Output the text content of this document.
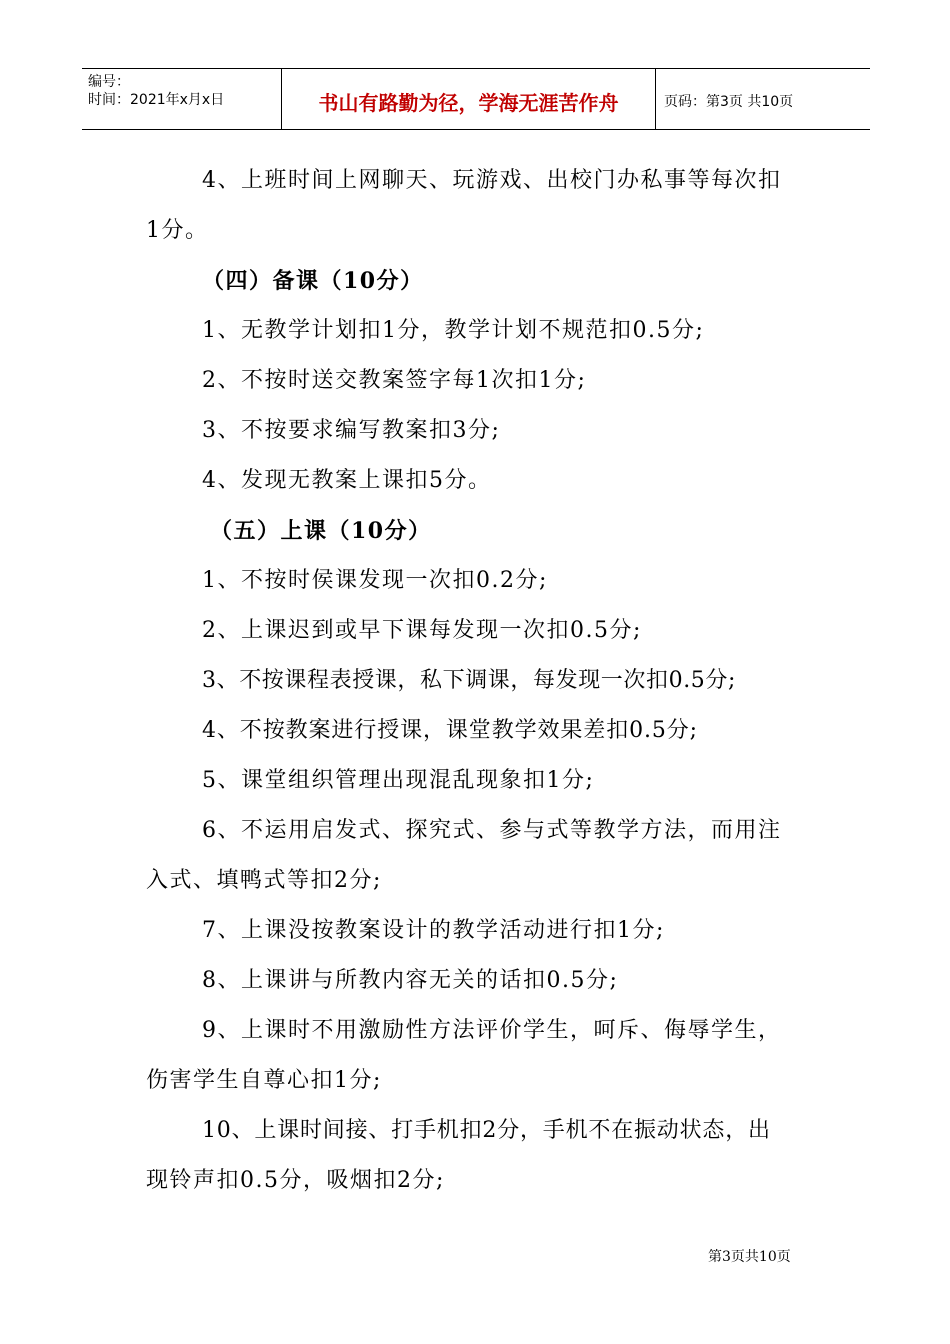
编号：
时间：2021年x月x日	书山有路勤为径，学海无涯苦作舟	页码：第3页 共10页
4、上班时间上网聊天、玩游戏、出校门办私事等每次扣
1分。
（四）备课（10分）
1、无教学计划扣1分，教学计划不规范扣0.5分;
2、不按时送交教案签字每1次扣1分;
3、不按要求编写教案扣3分;
4、发现无教案上课扣5分。
（五）上课（10分）
1、不按时侯课发现一次扣0.2分;
2、上课迟到或早下课每发现一次扣0.5分;
3、不按课程表授课，私下调课，每发现一次扣0.5分;
4、不按教案进行授课，课堂教学效果差扣0.5分;
5、课堂组织管理出现混乱现象扣1分;
6、不运用启发式、探究式、参与式等教学方法，而用注
入式、填鸭式等扣2分;
7、上课没按教案设计的教学活动进行扣1分;
8、上课讲与所教内容无关的话扣0.5分;
9、上课时不用激励性方法评价学生，呵斥、侮辱学生，
伤害学生自尊心扣1分;
10、上课时间接、打手机扣2分，手机不在振动状态，出
现铃声扣0.5分，吸烟扣2分;
第3页共10页
